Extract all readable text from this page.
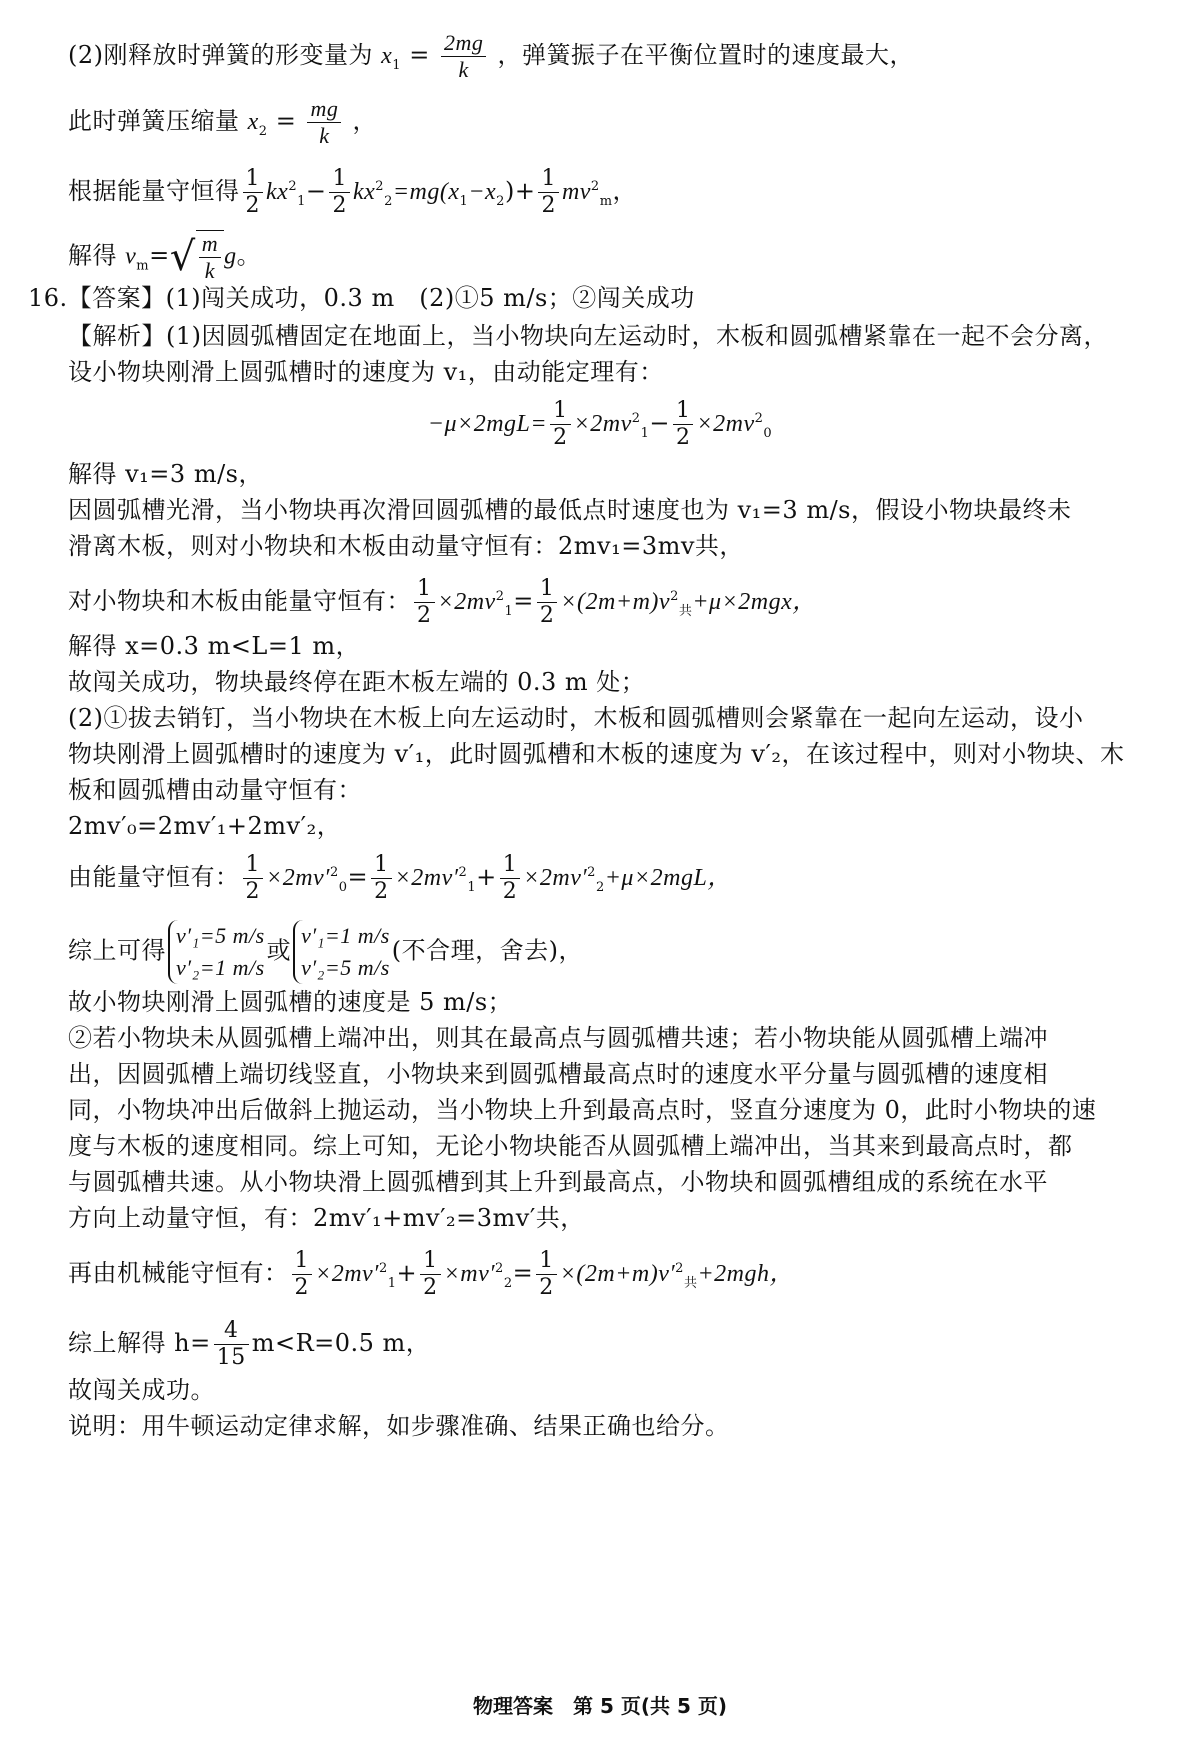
(2)刚释放时弹簧的形变量为 $x_1 = \frac{2mg}{k}$ ，弹簧振子在平衡位置时的速度最大，
此时弹簧压缩量 $x_2 = \frac{mg}{k}$ ，
根据能量守恒得 $\frac{1}{2} kx^2_1- \frac{1}{2} kx^2_2=mg(x_1-x_2)+ \frac{1}{2} mv^2_m$，
解得 $v_m=√ \frac{m}{k}$ g。
16.【答案】(1)闯关成功，0.3 m　(2)①5 m/s；②闯关成功
【解析】(1)因圆弧槽固定在地面上，当小物块向左运动时，木板和圆弧槽紧靠在一起不会分离，
设小物块刚滑上圆弧槽时的速度为 v₁，由动能定理有：
$-\mu\times 2mgL= \frac{1}{2} \times 2mv^2_1- \frac{1}{2} \times 2mv^2_0$
解得 v₁=3 m/s，
因圆弧槽光滑，当小物块再次滑回圆弧槽的最低点时速度也为 v₁=3 m/s，假设小物块最终未
滑离木板，则对小物块和木板由动量守恒有：2mv₁=3mv共，
对小物块和木板由能量守恒有： $\frac{1}{2} \times 2mv^2_1= \frac{1}{2} \times(2m+m)v^2_共+\mu\times 2mgx$，
解得 x=0.3 m<L=1 m，
故闯关成功，物块最终停在距木板左端的 0.3 m 处；
(2)①拔去销钉，当小物块在木板上向左运动时，木板和圆弧槽则会紧靠在一起向左运动，设小
物块刚滑上圆弧槽时的速度为 v′₁，此时圆弧槽和木板的速度为 v′₂，在该过程中，则对小物块、木
板和圆弧槽由动量守恒有：
2mv′₀=2mv′₁+2mv′₂，
由能量守恒有： $\frac{1}{2} \times 2mv'^2_0= \frac{1}{2} \times 2mv'^2_1+ \frac{1}{2} \times 2mv'^2_2+\mu\times 2mgL$，
综上可得
v′₁=5 m/s
v′₂=1 m/s
或
v′₁=1 m/s
v′₂=5 m/s
(不合理，舍去)，
故小物块刚滑上圆弧槽的速度是 5 m/s；
②若小物块未从圆弧槽上端冲出，则其在最高点与圆弧槽共速；若小物块能从圆弧槽上端冲
出，因圆弧槽上端切线竖直，小物块来到圆弧槽最高点时的速度水平分量与圆弧槽的速度相
同，小物块冲出后做斜上抛运动，当小物块上升到最高点时，竖直分速度为 0，此时小物块的速
度与木板的速度相同。综上可知，无论小物块能否从圆弧槽上端冲出，当其来到最高点时，都
与圆弧槽共速。从小物块滑上圆弧槽到其上升到最高点，小物块和圆弧槽组成的系统在水平
方向上动量守恒，有：2mv′₁+mv′₂=3mv′共，
再由机械能守恒有： $\frac{1}{2} \times 2mv'^2_1+ \frac{1}{2} \times mv'^2_2= \frac{1}{2} \times(2m+m)v'^2_共+2mgh$，
综上解得 $h= \frac{4}{15} m<R=0.5$ m，
故闯关成功。
说明：用牛顿运动定律求解，如步骤准确、结果正确也给分。
物理答案　第 5 页(共 5 页)
